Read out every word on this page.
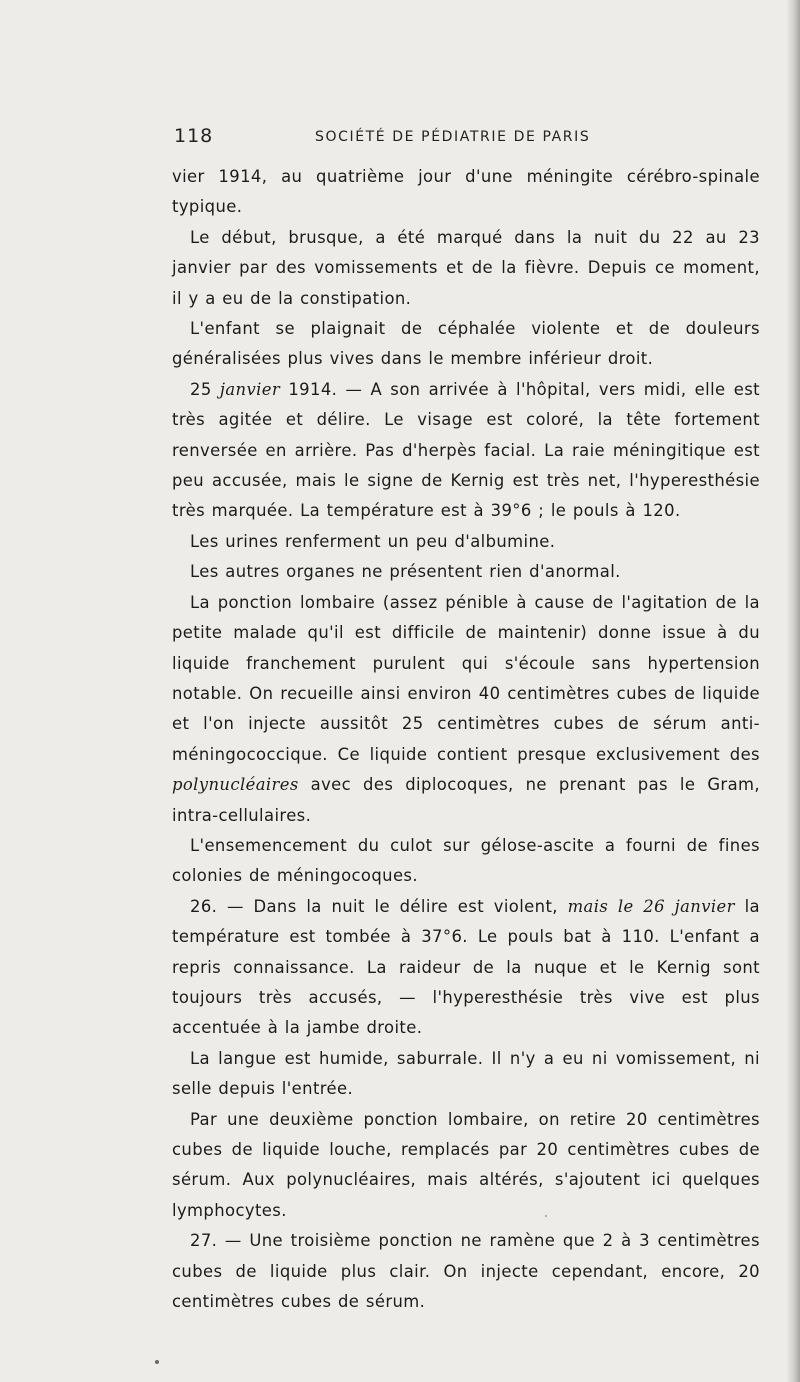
118	SOCIÉTÉ DE PÉDIATRIE DE PARIS

vier 1914, au quatrième jour d'une méningite cérébro-spinale typique.

Le début, brusque, a été marqué dans la nuit du 22 au 23 janvier par des vomissements et de la fièvre. Depuis ce moment, il y a eu de la constipation.

L'enfant se plaignait de céphalée violente et de douleurs généralisées plus vives dans le membre inférieur droit.

25 janvier 1914. — A son arrivée à l'hôpital, vers midi, elle est très agitée et délire. Le visage est coloré, la tête fortement renversée en arrière. Pas d'herpès facial. La raie méningitique est peu accusée, mais le signe de Kernig est très net, l'hyperesthésie très marquée. La température est à 39°6 ; le pouls à 120.

Les urines renferment un peu d'albumine.

Les autres organes ne présentent rien d'anormal.

La ponction lombaire (assez pénible à cause de l'agitation de la petite malade qu'il est difficile de maintenir) donne issue à du liquide franchement purulent qui s'écoule sans hypertension notable. On recueille ainsi environ 40 centimètres cubes de liquide et l'on injecte aussitôt 25 centimètres cubes de sérum anti-méningococcique. Ce liquide contient presque exclusivement des polynucléaires avec des diplocoques, ne prenant pas le Gram, intra-cellulaires.

L'ensemencement du culot sur gélose-ascite a fourni de fines colonies de méningocoques.

26. — Dans la nuit le délire est violent, mais le 26 janvier la température est tombée à 37°6. Le pouls bat à 110. L'enfant a repris connaissance. La raideur de la nuque et le Kernig sont toujours très accusés, — l'hyperesthésie très vive est plus accentuée à la jambe droite.

La langue est humide, saburrale. Il n'y a eu ni vomissement, ni selle depuis l'entrée.

Par une deuxième ponction lombaire, on retire 20 centimètres cubes de liquide louche, remplacés par 20 centimètres cubes de sérum. Aux polynucléaires, mais altérés, s'ajoutent ici quelques lymphocytes.

27. — Une troisième ponction ne ramène que 2 à 3 centimètres cubes de liquide plus clair. On injecte cependant, encore, 20 centimètres cubes de sérum.
